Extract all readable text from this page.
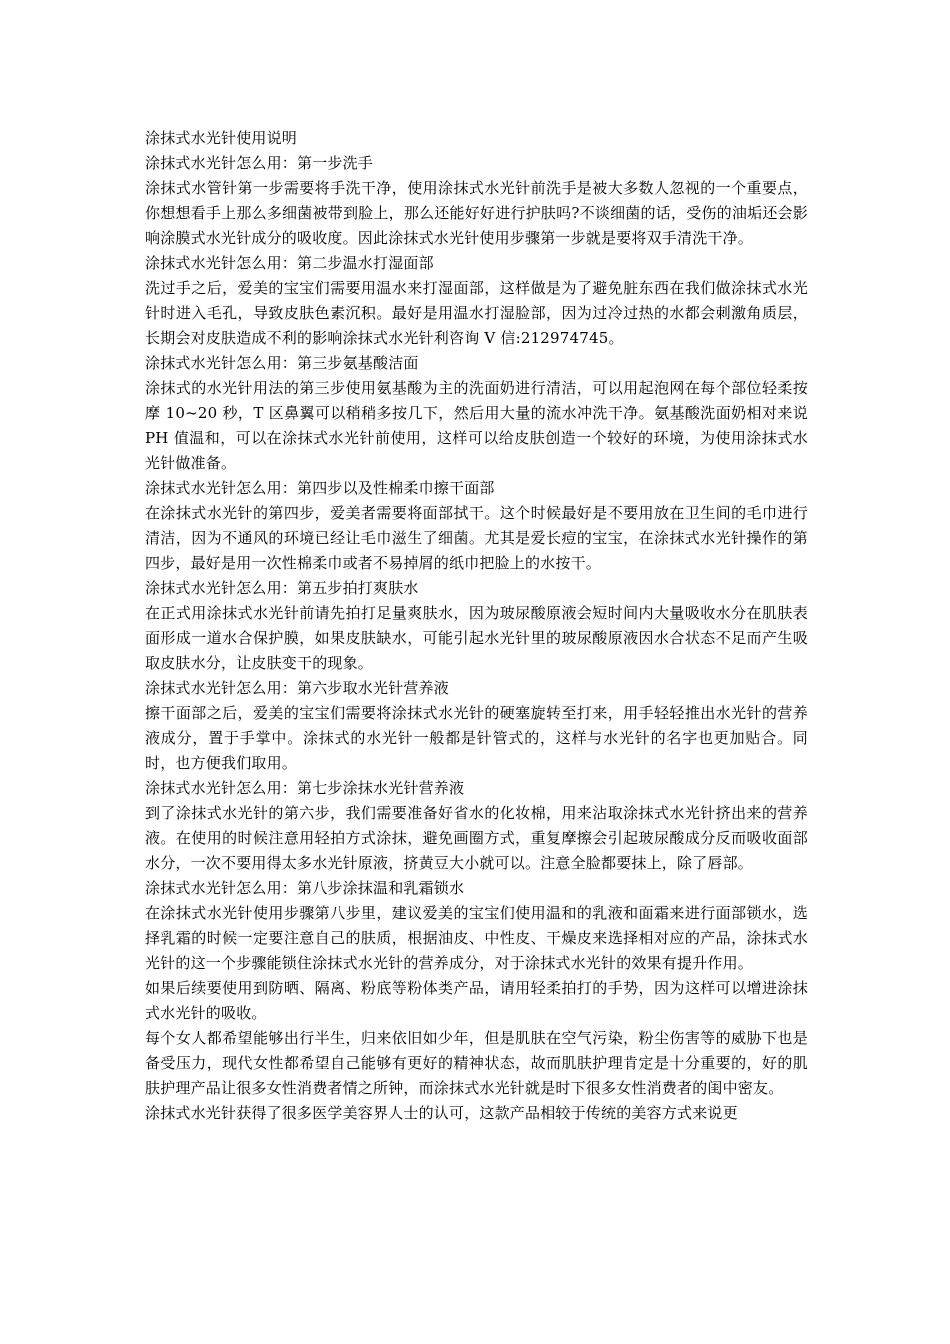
涂抹式水光针使用说明

涂抹式水光针怎么用：第一步洗手

涂抹式水管针第一步需要将手洗干净，使用涂抹式水光针前洗手是被大多数人忽视的一个重要点，你想想看手上那么多细菌被带到脸上，那么还能好好进行护肤吗?不谈细菌的话，受伤的油垢还会影响涂膜式水光针成分的吸收度。因此涂抹式水光针使用步骤第一步就是要将双手清洗干净。

涂抹式水光针怎么用：第二步温水打湿面部

洗过手之后，爱美的宝宝们需要用温水来打湿面部，这样做是为了避免脏东西在我们做涂抹式水光针时进入毛孔，导致皮肤色素沉积。最好是用温水打湿脸部，因为过冷过热的水都会刺激角质层，长期会对皮肤造成不利的影响涂抹式水光针利咨询 V 信:212974745。

涂抹式水光针怎么用：第三步氨基酸洁面

涂抹式的水光针用法的第三步使用氨基酸为主的洗面奶进行清洁，可以用起泡网在每个部位轻柔按摩 10~20 秒，T 区鼻翼可以稍稍多按几下，然后用大量的流水冲洗干净。氨基酸洗面奶相对来说 PH 值温和，可以在涂抹式水光针前使用，这样可以给皮肤创造一个较好的环境，为使用涂抹式水光针做准备。

涂抹式水光针怎么用：第四步以及性棉柔巾擦干面部

在涂抹式水光针的第四步，爱美者需要将面部拭干。这个时候最好是不要用放在卫生间的毛巾进行清洁，因为不通风的环境已经让毛巾滋生了细菌。尤其是爱长痘的宝宝，在涂抹式水光针操作的第四步，最好是用一次性棉柔巾或者不易掉屑的纸巾把脸上的水按干。

涂抹式水光针怎么用：第五步拍打爽肤水

在正式用涂抹式水光针前请先拍打足量爽肤水，因为玻尿酸原液会短时间内大量吸收水分在肌肤表面形成一道水合保护膜，如果皮肤缺水，可能引起水光针里的玻尿酸原液因水合状态不足而产生吸取皮肤水分，让皮肤变干的现象。

涂抹式水光针怎么用：第六步取水光针营养液

擦干面部之后，爱美的宝宝们需要将涂抹式水光针的硬塞旋转至打来，用手轻轻推出水光针的营养液成分，置于手掌中。涂抹式的水光针一般都是针管式的，这样与水光针的名字也更加贴合。同时，也方便我们取用。

涂抹式水光针怎么用：第七步涂抹水光针营养液

到了涂抹式水光针的第六步，我们需要准备好省水的化妆棉，用来沾取涂抹式水光针挤出来的营养液。在使用的时候注意用轻拍方式涂抹，避免画圈方式，重复摩擦会引起玻尿酸成分反而吸收面部水分，一次不要用得太多水光针原液，挤黄豆大小就可以。注意全脸都要抹上，除了唇部。

涂抹式水光针怎么用：第八步涂抹温和乳霜锁水

在涂抹式水光针使用步骤第八步里，建议爱美的宝宝们使用温和的乳液和面霜来进行面部锁水，选择乳霜的时候一定要注意自己的肤质，根据油皮、中性皮、干燥皮来选择相对应的产品，涂抹式水光针的这一个步骤能锁住涂抹式水光针的营养成分，对于涂抹式水光针的效果有提升作用。

如果后续要使用到防晒、隔离、粉底等粉体类产品，请用轻柔拍打的手势，因为这样可以增进涂抹式水光针的吸收。

每个女人都希望能够出行半生，归来依旧如少年，但是肌肤在空气污染，粉尘伤害等的威胁下也是备受压力，现代女性都希望自己能够有更好的精神状态，故而肌肤护理肯定是十分重要的，好的肌肤护理产品让很多女性消费者情之所钟，而涂抹式水光针就是时下很多女性消费者的闺中密友。

涂抹式水光针获得了很多医学美容界人士的认可，这款产品相较于传统的美容方式来说更
